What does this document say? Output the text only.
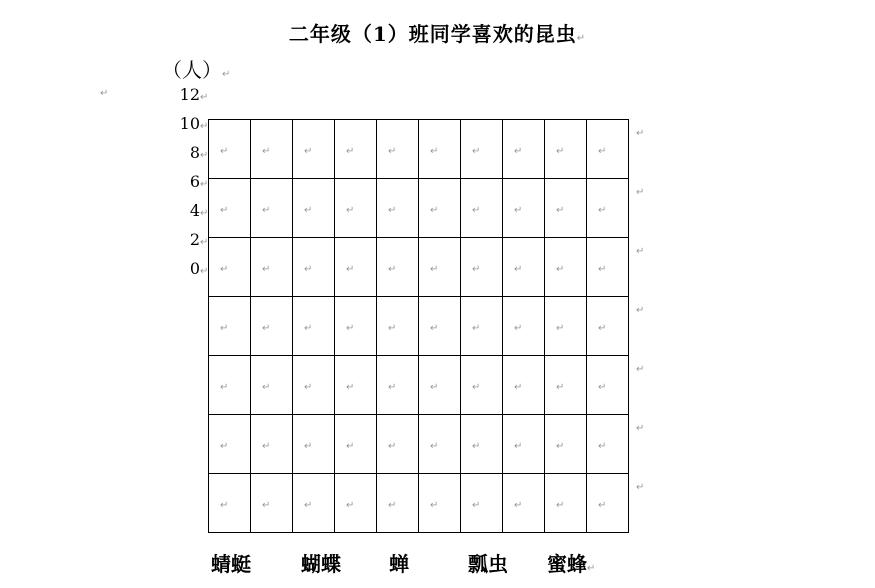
二年级（1）班同学喜欢的昆虫↵
（人）↵
↵	12 ↵
10 ↵
8 ↵
6 ↵
4 ↵
2 ↵
0 ↵
↵	↵	↵	↵	↵	↵	↵	↵	↵	↵

↵	↵	↵	↵	↵	↵	↵	↵	↵	↵

↵	↵	↵	↵	↵	↵	↵	↵	↵	↵

↵	↵	↵	↵	↵	↵	↵	↵	↵	↵

↵	↵	↵	↵	↵	↵	↵	↵	↵	↵

↵	↵	↵	↵	↵	↵	↵	↵	↵	↵

↵	↵	↵	↵	↵	↵	↵	↵	↵	↵
↵
↵
↵
↵
↵
↵
↵
蜻蜓	蝴蝶 蝉	瓢虫 蜜蜂↵
